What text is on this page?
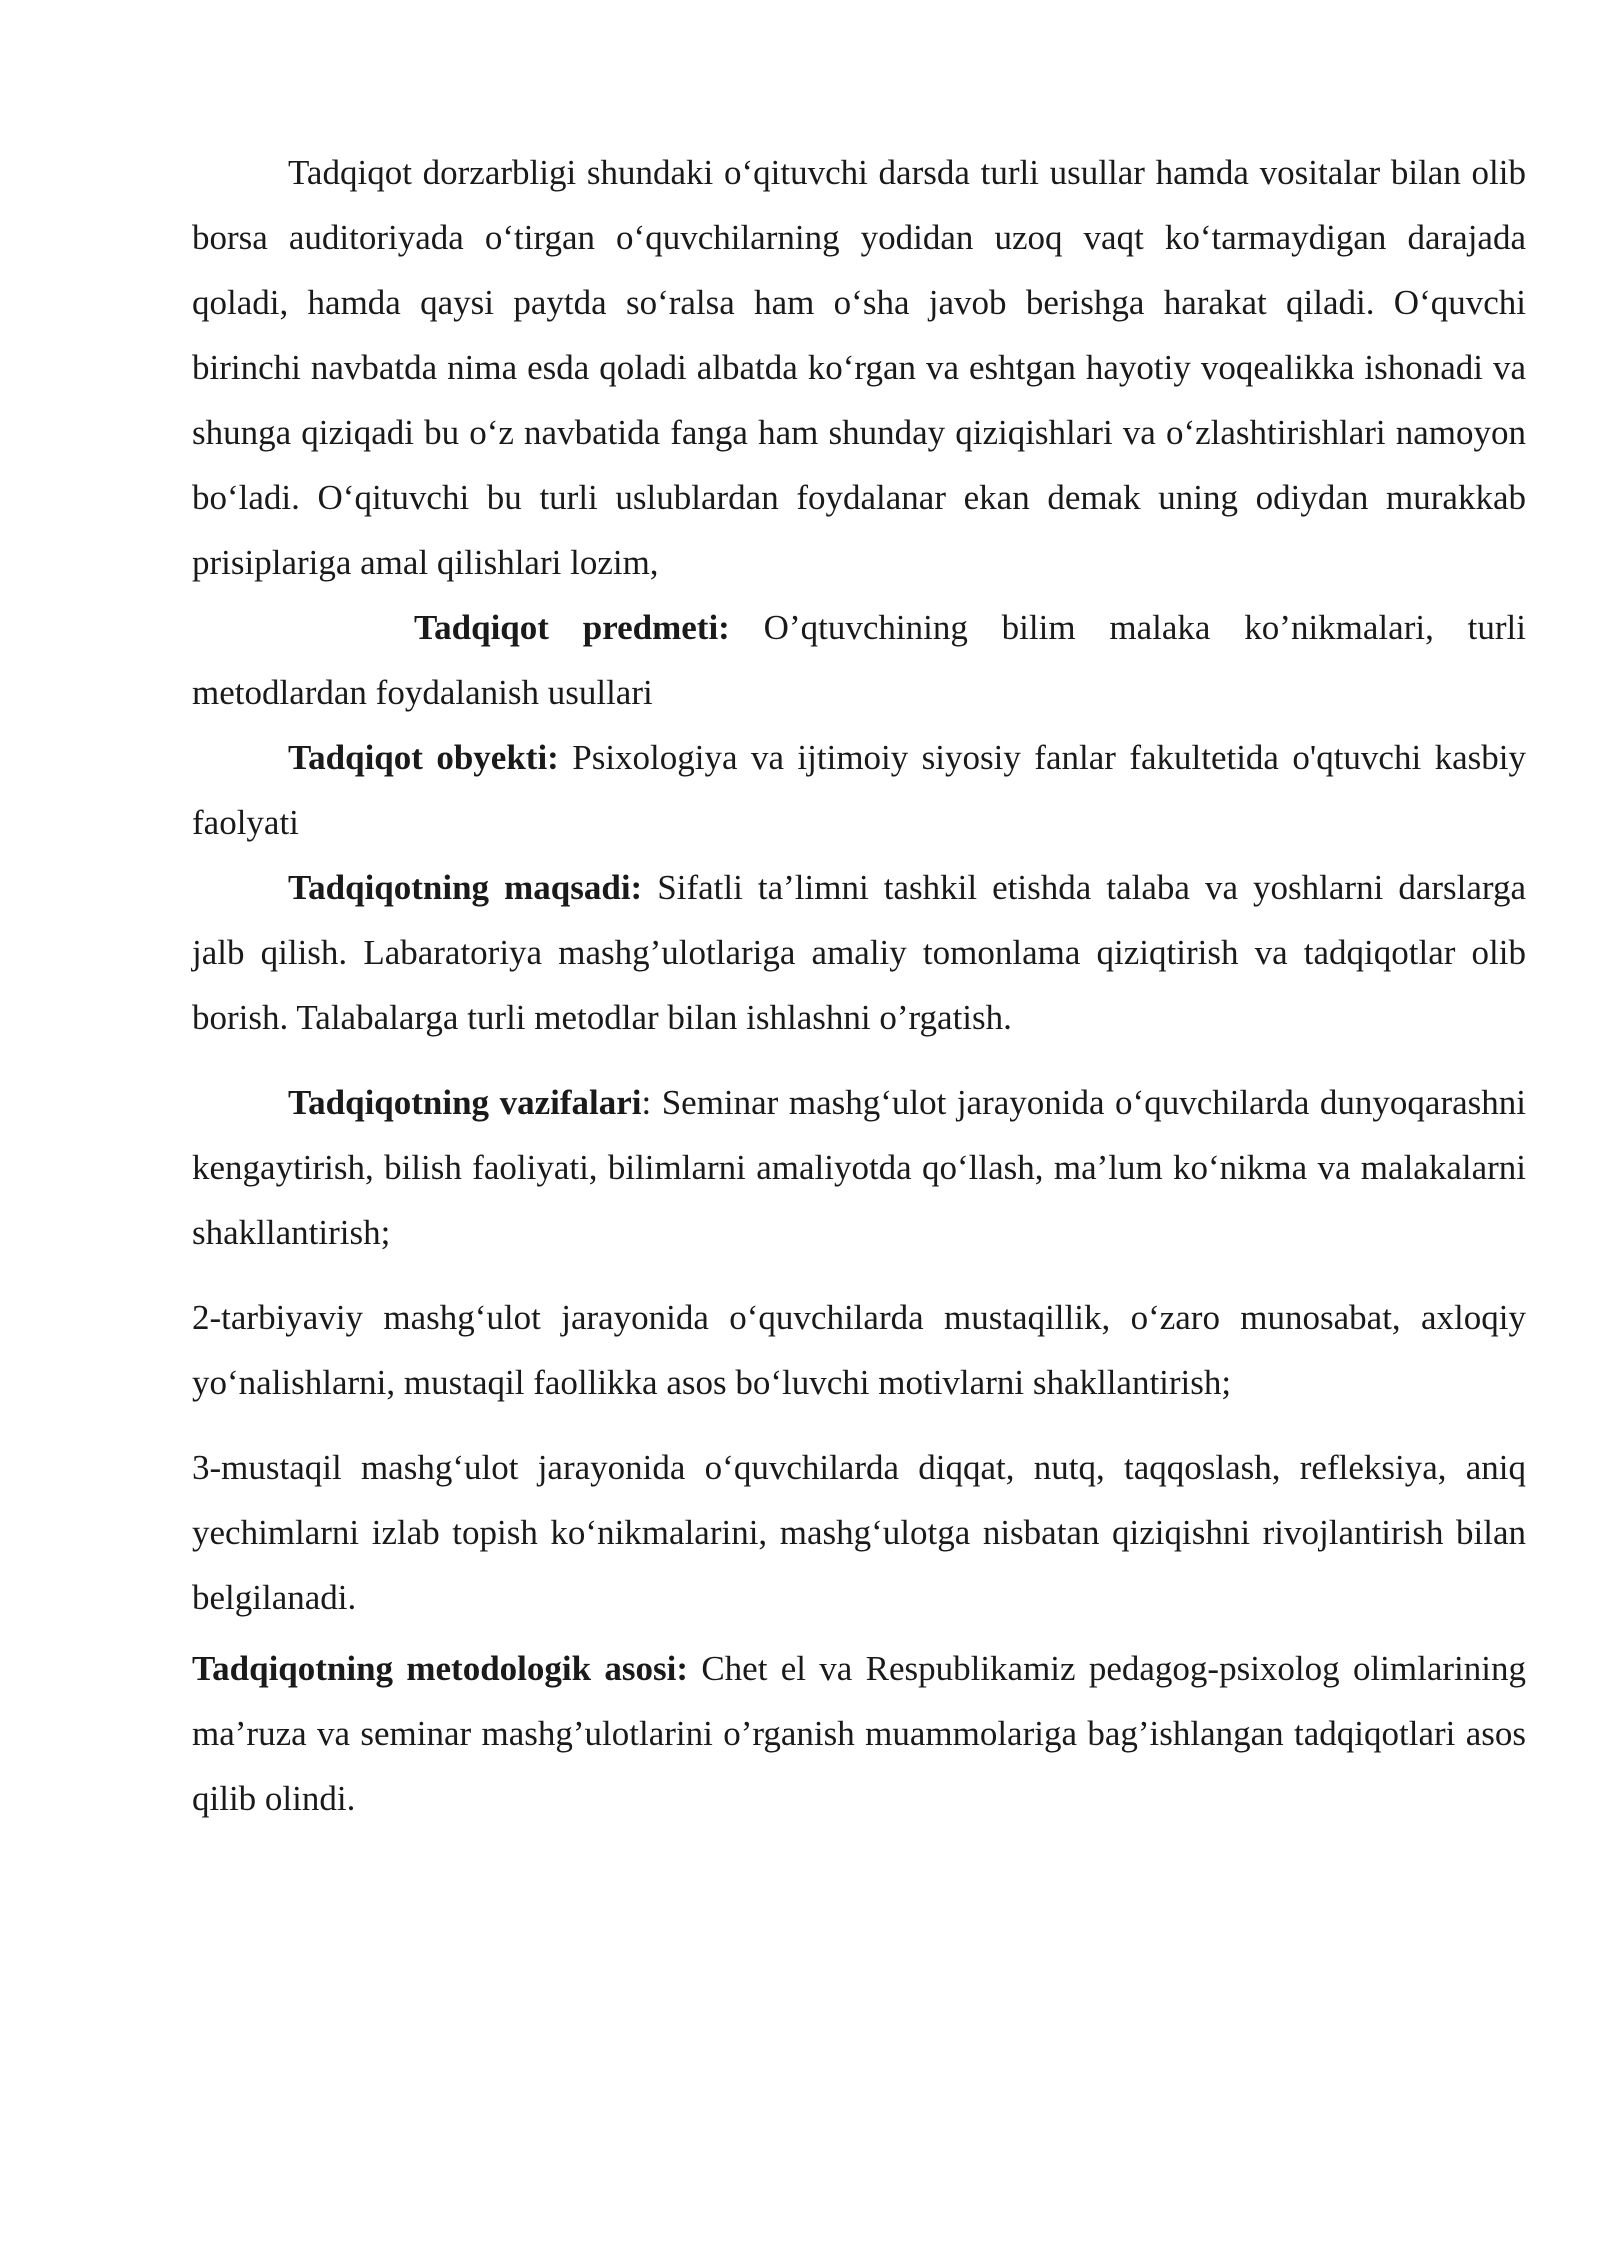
Tadqiqot dorzarbligi shundaki o‘qituvchi darsda turli usullar hamda vositalar bilan olib borsa auditoriyada o‘tirgan o‘quvchilarning yodidan uzoq vaqt ko‘tarmaydigan darajada qoladi, hamda qaysi paytda so‘ralsa ham o‘sha javob berishga harakat qiladi. O‘quvchi birinchi navbatda nima esda qoladi albatda ko‘rgan va eshtgan hayotiy voqealikka ishonadi va shunga qiziqadi bu o‘z navbatida fanga ham shunday qiziqishlari va o‘zlashtirishlari namoyon bo‘ladi. O‘qituvchi bu turli uslublardan foydalanar ekan demak uning odiydan murakkab prisiplariga amal qilishlari lozim,

Tadqiqot predmeti: O’qtuvchining bilim malaka ko’nikmalari, turli metodlardan foydalanish usullari

Tadqiqot obyekti: Psixologiya va ijtimoiy siyosiy fanlar fakultetida o'qtuvchi kasbiy faolyati

Tadqiqotning maqsadi: Sifatli ta’limni tashkil etishda talaba va yoshlarni darslarga jalb qilish. Labaratoriya mashg’ulotlariga amaliy tomonlama qiziqtirish va tadqiqotlar olib borish. Talabalarga turli metodlar bilan ishlashni o’rgatish.

Tadqiqotning vazifalari: Seminar mashg‘ulot jarayonida o‘quvchilarda dunyoqarashni kengaytirish, bilish faoliyati, bilimlarni amaliyotda qo‘llash, ma’lum ko‘nikma va malakalarni shakllantirish;

2-tarbiyaviy mashg‘ulot jarayonida o‘quvchilarda mustaqillik, o‘zaro munosabat, axloqiy yo‘nalishlarni, mustaqil faollikka asos bo‘luvchi motivlarni shakllantirish;

3-mustaqil mashg‘ulot jarayonida o‘quvchilarda diqqat, nutq, taqqoslash, refleksiya, aniq yechimlarni izlab topish ko‘nikmalarini, mashg‘ulotga nisbatan qiziqishni rivojlantirish bilan belgilanadi.

Tadqiqotning metodologik asosi: Chet el va Respublikamiz pedagog-psixolog olimlarining ma’ruza va seminar mashg’ulotlarini o’rganish muammolariga bag’ishlangan tadqiqotlari asos qilib olindi.
